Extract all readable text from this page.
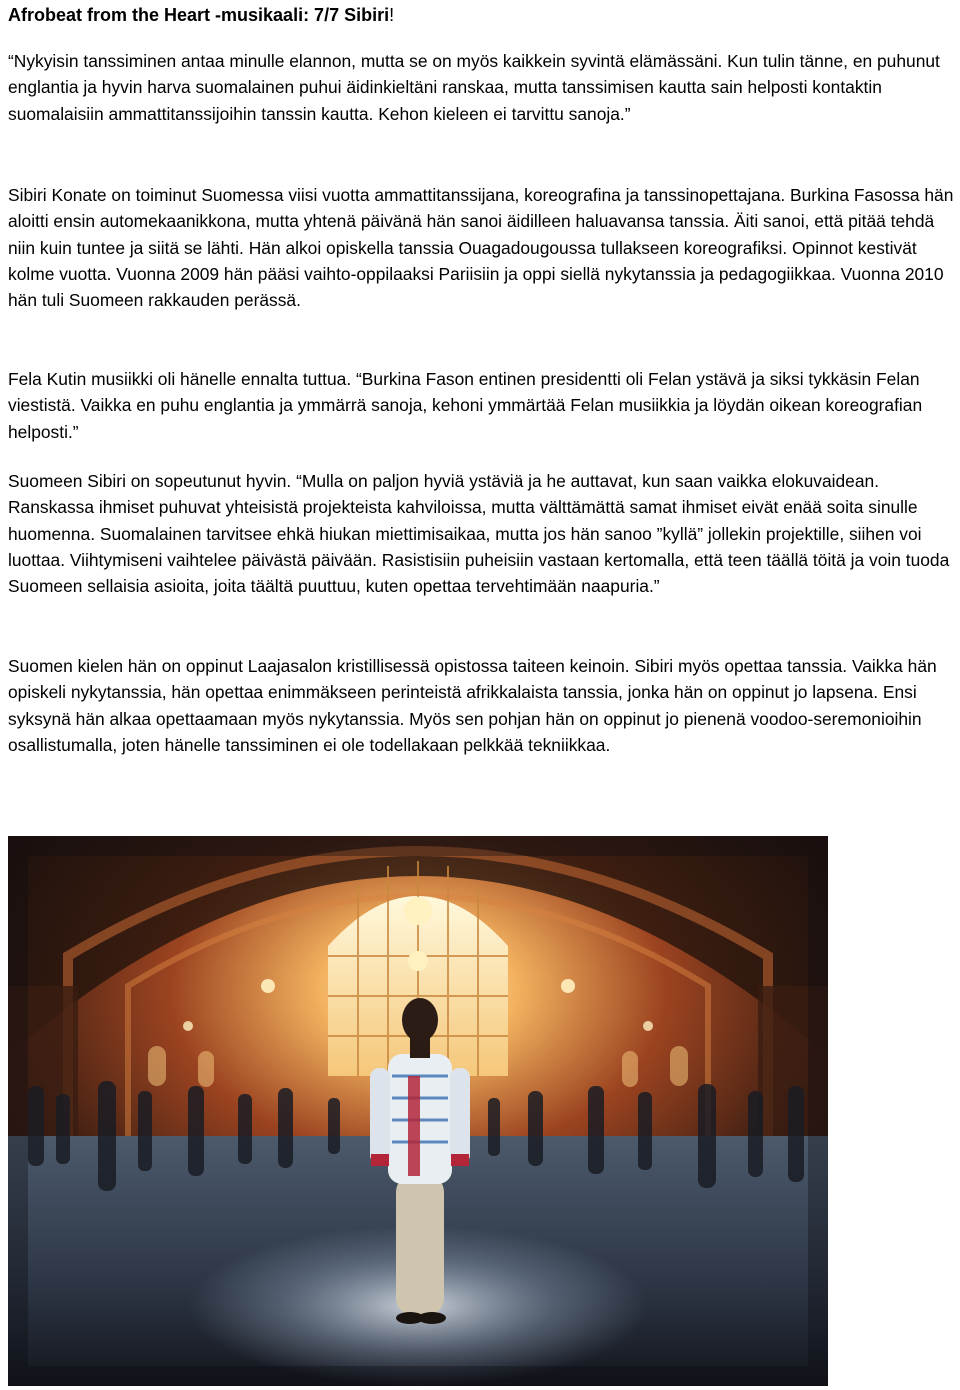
Afrobeat from the Heart -musikaali: 7/7 Sibiri!

“Nykyisin tanssiminen antaa minulle elannon, mutta se on myös kaikkein syvintä elämässäni. Kun tulin tänne, en puhunut englantia ja hyvin harva suomalainen puhui äidinkieltäni ranskaa, mutta tanssimisen kautta sain helposti kontaktin suomalaisiin ammattitanssijoihin tanssin kautta. Kehon kieleen ei tarvittu sanoja.”

Sibiri Konate on toiminut Suomessa viisi vuotta ammattitanssijana, koreografina ja tanssinopettajana. Burkina Fasossa hän aloitti ensin automekaanikkona, mutta yhtenä päivänä hän sanoi äidilleen haluavansa tanssia. Äiti sanoi, että pitää tehdä niin kuin tuntee ja siitä se lähti. Hän alkoi opiskella tanssia Ouagadougoussa tullakseen koreografiksi. Opinnot kestivät kolme vuotta. Vuonna 2009 hän pääsi vaihto-oppilaaksi Pariisiin ja oppi siellä nykytanssia ja pedagogiikkaa. Vuonna 2010 hän tuli Suomeen rakkauden perässä.

Fela Kutin musiikki oli hänelle ennalta tuttua. “Burkina Fason entinen presidentti oli Felan ystävä ja siksi tykkäsin Felan viestistä. Vaikka en puhu englantia ja ymmärrä sanoja, kehoni ymmärtää Felan musiikkia ja löydän oikean koreografian helposti.”

Suomeen Sibiri on sopeutunut hyvin. “Mulla on paljon hyviä ystäviä ja he auttavat, kun saan vaikka elokuvaidean. Ranskassa ihmiset puhuvat yhteisistä projekteista kahviloissa, mutta välttämättä samat ihmiset eivät enää soita sinulle huomenna. Suomalainen tarvitsee ehkä hiukan miettimisaikaa, mutta jos hän sanoo ”kyllä” jollekin projektille, siihen voi luottaa. Viihtymiseni vaihtelee päivästä päivään. Rasistisiin puheisiin vastaan kertomalla, että teen täällä töitä ja voin tuoda Suomeen sellaisia asioita, joita täältä puuttuu, kuten opettaa tervehtimään naapuria.”

Suomen kielen hän on oppinut Laajasalon kristillisessä opistossa taiteen keinoin. Sibiri myös opettaa tanssia. Vaikka hän opiskeli nykytanssia, hän opettaa enimmäkseen perinteistä afrikkalaista tanssia, jonka hän on oppinut jo lapsena. Ensi syksynä hän alkaa opettaamaan myös nykytanssia. Myös sen pohjan hän on oppinut jo pienenä voodoo-seremonioihin osallistumalla, joten hänelle tanssiminen ei ole todellakaan pelkkää tekniikkaa.
